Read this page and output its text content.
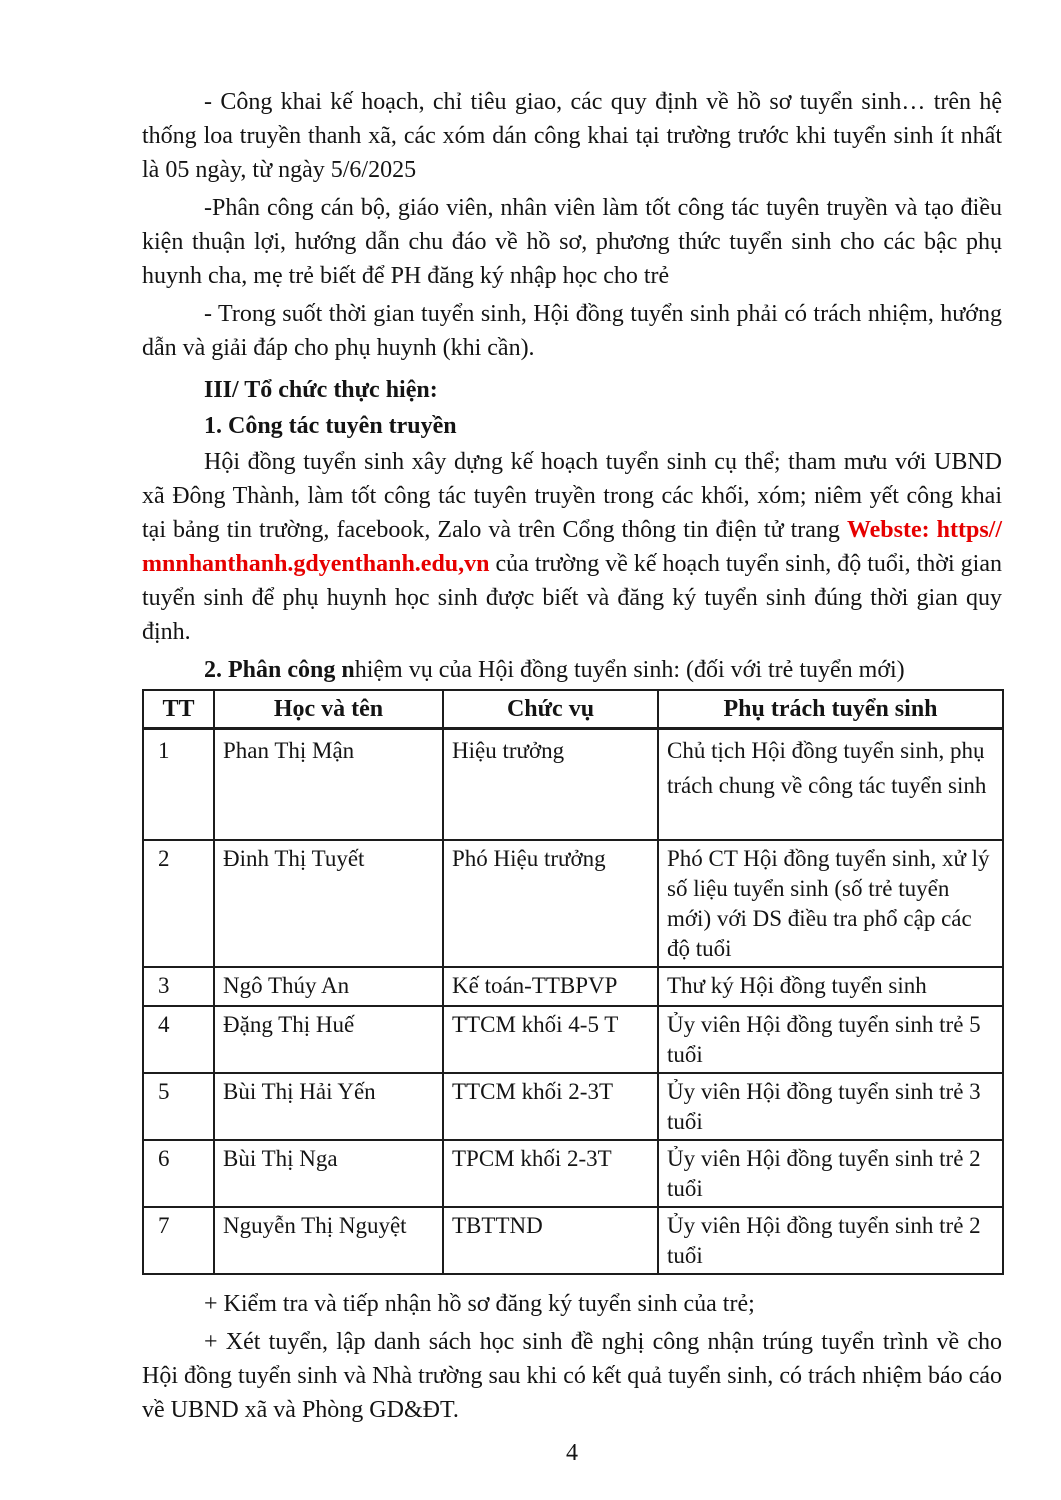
- Công khai kế hoạch, chỉ tiêu giao, các quy định về hồ sơ tuyển sinh… trên hệ thống loa truyền thanh xã, các xóm dán công khai tại trường trước khi tuyển sinh ít nhất là 05 ngày, từ ngày 5/6/2025

-Phân công cán bộ, giáo viên, nhân viên làm tốt công tác tuyên truyền và tạo điều kiện thuận lợi, hướng dẫn chu đáo về hồ sơ, phương thức tuyển sinh cho các bậc phụ huynh cha, mẹ trẻ biết để PH đăng ký nhập học cho trẻ

- Trong suốt thời gian tuyển sinh, Hội đồng tuyển sinh phải có trách nhiệm, hướng dẫn và giải đáp cho phụ huynh (khi cần).

III/ Tổ chức thực hiện:
1. Công tác tuyên truyền

Hội đồng tuyển sinh xây dựng kế hoạch tuyển sinh cụ thể; tham mưu với UBND xã Đông Thành, làm tốt công tác tuyên truyền trong các khối, xóm; niêm yết công khai tại bảng tin trường, facebook, Zalo và trên Cổng thông tin điện tử trang Webste: https// mnnhanthanh.gdyenthanh.edu,vn của trường về kế hoạch tuyển sinh, độ tuổi, thời gian tuyển sinh để phụ huynh học sinh được biết và đăng ký tuyển sinh đúng thời gian quy định.

2. Phân công nhiệm vụ của Hội đồng tuyển sinh: (đối với trẻ tuyển mới)
TT	Học và tên	Chức vụ	Phụ trách tuyển sinh
1	Phan Thị Mận	Hiệu trưởng	Chủ tịch Hội đồng tuyển sinh, phụ trách chung về công tác tuyển sinh
2	Đinh Thị Tuyết	Phó Hiệu trưởng	Phó CT Hội đồng tuyển sinh, xử lý số liệu tuyển sinh (số trẻ tuyển mới) với DS điều tra phổ cập các độ tuổi
3	Ngô Thúy An	Kế toán-TTBPVP	Thư ký Hội đồng tuyển sinh
4	Đặng Thị Huế	TTCM khối 4-5 T	Ủy viên Hội đồng tuyển sinh trẻ 5 tuổi
5	Bùi Thị Hải Yến	TTCM khối 2-3T	Ủy viên Hội đồng tuyển sinh trẻ 3 tuổi
6	Bùi Thị Nga	TPCM khối 2-3T	Ủy viên Hội đồng tuyển sinh trẻ 2 tuổi
7	Nguyễn Thị Nguyệt	TBTTND	Ủy viên Hội đồng tuyển sinh trẻ 2 tuổi

+ Kiểm tra và tiếp nhận hồ sơ đăng ký tuyển sinh của trẻ;

+ Xét tuyển, lập danh sách học sinh đề nghị công nhận trúng tuyển trình về cho Hội đồng tuyển sinh và Nhà trường sau khi có kết quả tuyển sinh, có trách nhiệm báo cáo về UBND xã và Phòng GD&ĐT.

4
